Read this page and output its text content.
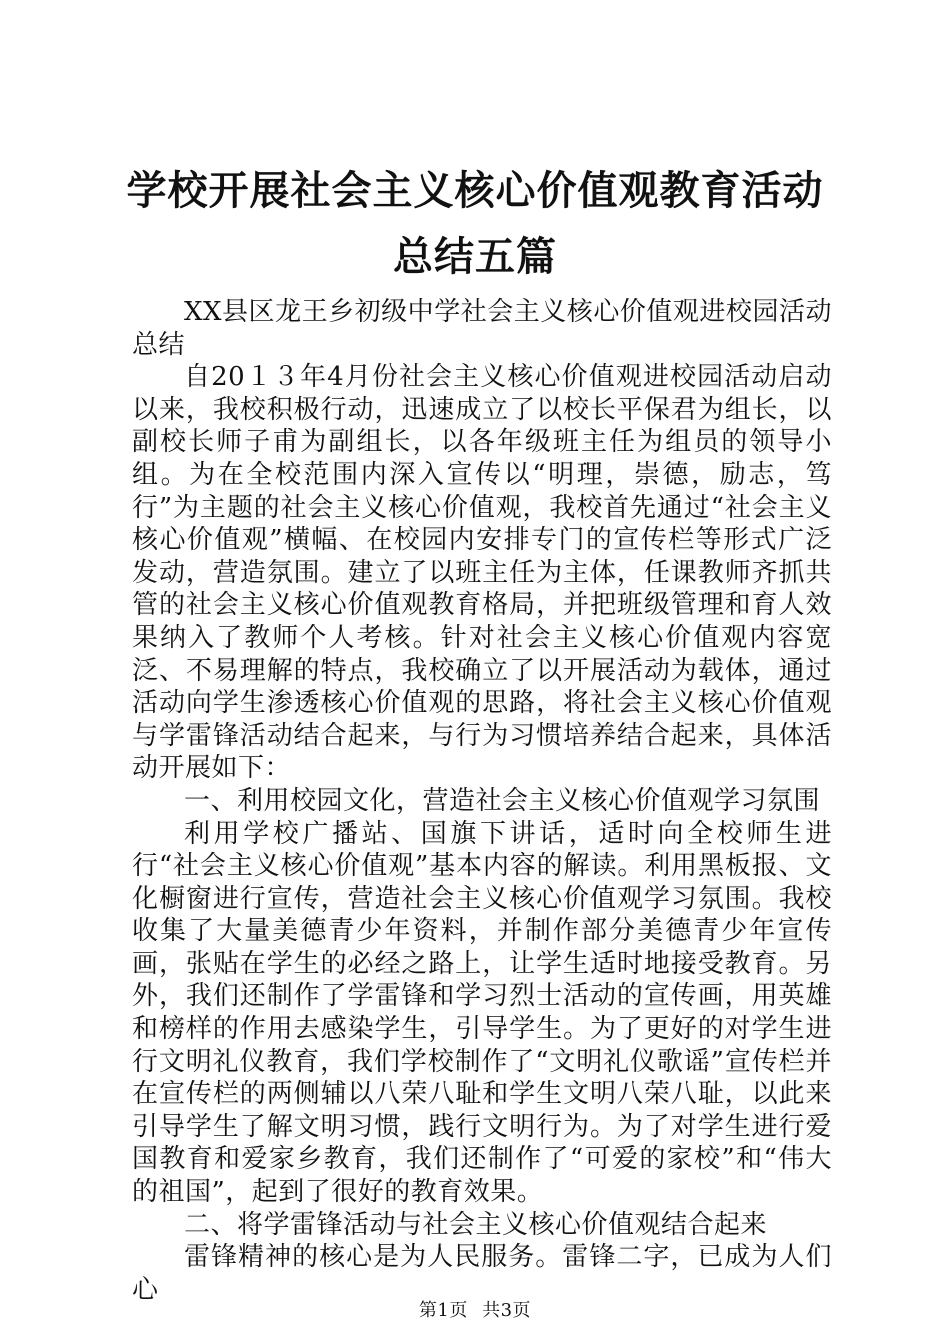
学校开展社会主义核心价值观教育活动总结五篇

XX县区龙王乡初级中学社会主义核心价值观进校园活动总结

自20１３年4月份社会主义核心价值观进校园活动启动以来，我校积极行动，迅速成立了以校长平保君为组长，以副校长师子甫为副组长，以各年级班主任为组员的领导小组。为在全校范围内深入宣传以“明理，崇德，励志，笃行”为主题的社会主义核心价值观，我校首先通过“社会主义核心价值观”横幅、在校园内安排专门的宣传栏等形式广泛发动，营造氛围。建立了以班主任为主体，任课教师齐抓共管的社会主义核心价值观教育格局，并把班级管理和育人效果纳入了教师个人考核。针对社会主义核心价值观内容宽泛、不易理解的特点，我校确立了以开展活动为载体，通过活动向学生渗透核心价值观的思路，将社会主义核心价值观与学雷锋活动结合起来，与行为习惯培养结合起来，具体活动开展如下：

一、利用校园文化，营造社会主义核心价值观学习氛围

利用学校广播站、国旗下讲话，适时向全校师生进行“社会主义核心价值观”基本内容的解读。利用黑板报、文化橱窗进行宣传，营造社会主义核心价值观学习氛围。我校收集了大量美德青少年资料，并制作部分美德青少年宣传画，张贴在学生的必经之路上，让学生适时地接受教育。另外，我们还制作了学雷锋和学习烈士活动的宣传画，用英雄和榜样的作用去感染学生，引导学生。为了更好的对学生进行文明礼仪教育，我们学校制作了“文明礼仪歌谣”宣传栏并在宣传栏的两侧辅以八荣八耻和学生文明八荣八耻，以此来引导学生了解文明习惯，践行文明行为。为了对学生进行爱国教育和爱家乡教育，我们还制作了“可爱的家校”和“伟大的祖国”，起到了很好的教育效果。

二、将学雷锋活动与社会主义核心价值观结合起来

雷锋精神的核心是为人民服务。雷锋二字，已成为人们心

第1页 共3页
